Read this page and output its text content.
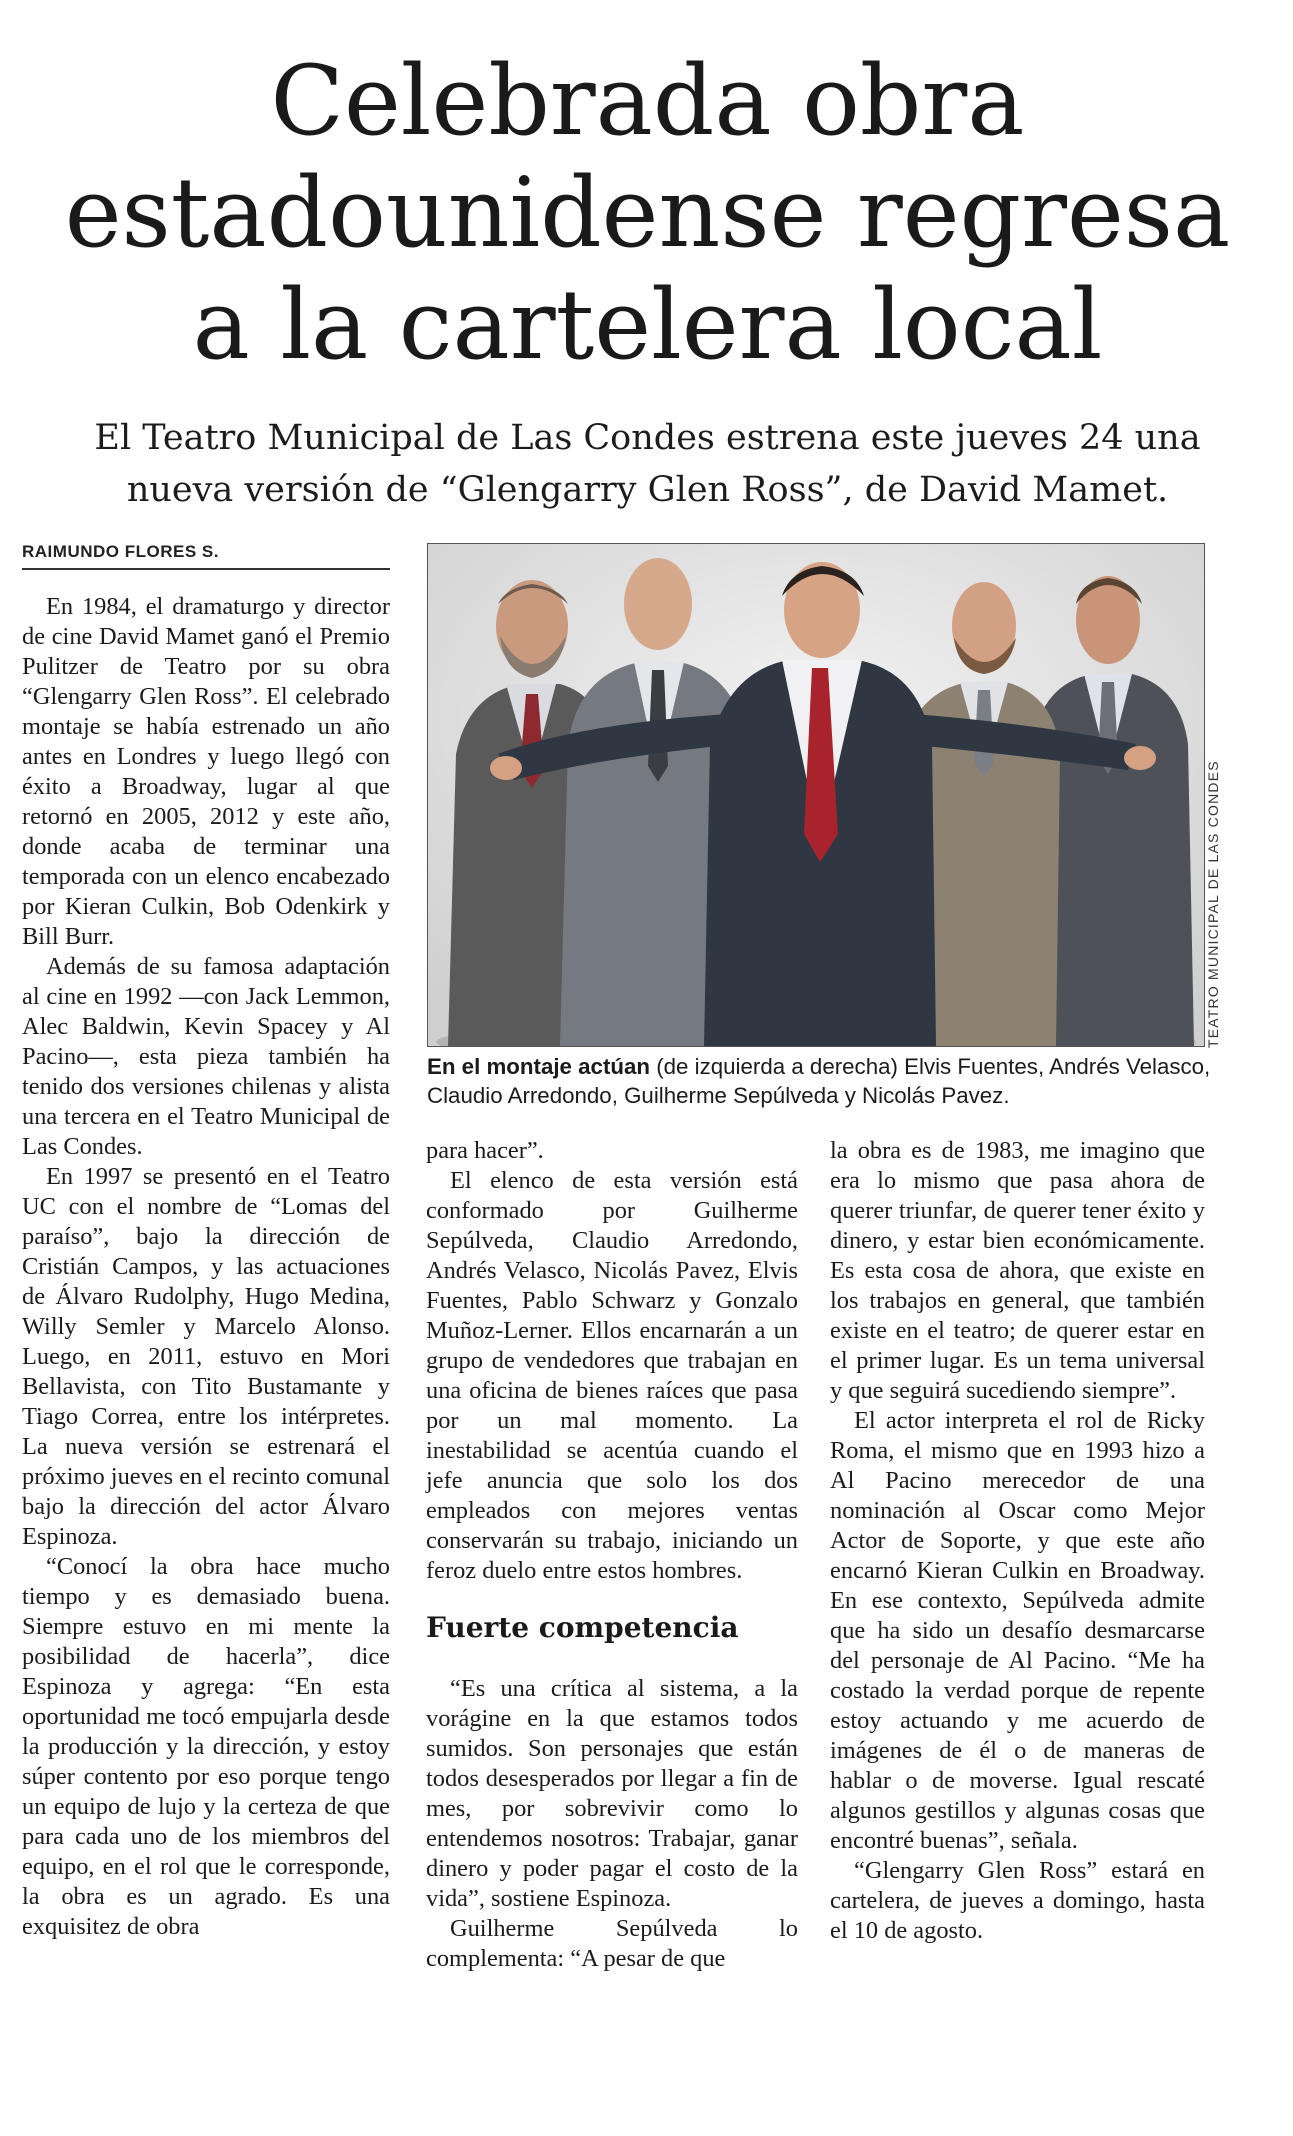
Celebrada obra
estadounidense regresa
a la cartelera local
El Teatro Municipal de Las Condes estrena este jueves 24 una
nueva versión de “Glengarry Glen Ross”, de David Mamet.
RAIMUNDO FLORES S.
TEATRO MUNICIPAL DE LAS CONDES
En el montaje actúan (de izquierda a derecha) Elvis Fuentes, Andrés Velasco, Claudio Arredondo, Guilherme Sepúlveda y Nicolás Pavez.

En 1984, el dramaturgo y director de cine David Mamet ganó el Premio Pulitzer de Teatro por su obra “Glengarry Glen Ross”. El celebrado montaje se había estrenado un año antes en Londres y luego llegó con éxito a Broadway, lugar al que retornó en 2005, 2012 y este año, donde acaba de terminar una temporada con un elenco encabezado por Kieran Culkin, Bob Odenkirk y Bill Burr.

Además de su famosa adaptación al cine en 1992 —con Jack Lemmon, Alec Baldwin, Kevin Spacey y Al Pacino—, esta pieza también ha tenido dos versiones chilenas y alista una tercera en el Teatro Municipal de Las Condes.

En 1997 se presentó en el Teatro UC con el nombre de “Lomas del paraíso”, bajo la dirección de Cristián Campos, y las actuaciones de Álvaro Rudolphy, Hugo Medina, Willy Semler y Marcelo Alonso. Luego, en 2011, estuvo en Mori Bellavista, con Tito Bustamante y Tiago Correa, entre los intérpretes. La nueva versión se estrenará el próximo jueves en el recinto comunal bajo la dirección del actor Álvaro Espinoza.

“Conocí la obra hace mucho tiempo y es demasiado buena. Siempre estuvo en mi mente la posibilidad de hacerla”, dice Espinoza y agrega: “En esta oportunidad me tocó empujarla desde la producción y la dirección, y estoy súper contento por eso porque tengo un equipo de lujo y la certeza de que para cada uno de los miembros del equipo, en el rol que le corresponde, la obra es un agrado. Es una exquisitez de obra

para hacer”.

El elenco de esta versión está conformado por Guilherme Sepúlveda, Claudio Arredondo, Andrés Velasco, Nicolás Pavez, Elvis Fuentes, Pablo Schwarz y Gonzalo Muñoz-Lerner. Ellos encarnarán a un grupo de vendedores que trabajan en una oficina de bienes raíces que pasa por un mal momento. La inestabilidad se acentúa cuando el jefe anuncia que solo los dos empleados con mejores ventas conservarán su trabajo, iniciando un feroz duelo entre estos hombres.

Fuerte competencia

“Es una crítica al sistema, a la vorágine en la que estamos todos sumidos. Son personajes que están todos desesperados por llegar a fin de mes, por sobrevivir como lo entendemos nosotros: Trabajar, ganar dinero y poder pagar el costo de la vida”, sostiene Espinoza.

Guilherme Sepúlveda lo complementa: “A pesar de que

la obra es de 1983, me imagino que era lo mismo que pasa ahora de querer triunfar, de querer tener éxito y dinero, y estar bien económicamente. Es esta cosa de ahora, que existe en los trabajos en general, que también existe en el teatro; de querer estar en el primer lugar. Es un tema universal y que seguirá sucediendo siempre”.

El actor interpreta el rol de Ricky Roma, el mismo que en 1993 hizo a Al Pacino merecedor de una nominación al Oscar como Mejor Actor de Soporte, y que este año encarnó Kieran Culkin en Broadway. En ese contexto, Sepúlveda admite que ha sido un desafío desmarcarse del personaje de Al Pacino. “Me ha costado la verdad porque de repente estoy actuando y me acuerdo de imágenes de él o de maneras de hablar o de moverse. Igual rescaté algunos gestillos y algunas cosas que encontré buenas”, señala.

“Glengarry Glen Ross” estará en cartelera, de jueves a domingo, hasta el 10 de agosto.
